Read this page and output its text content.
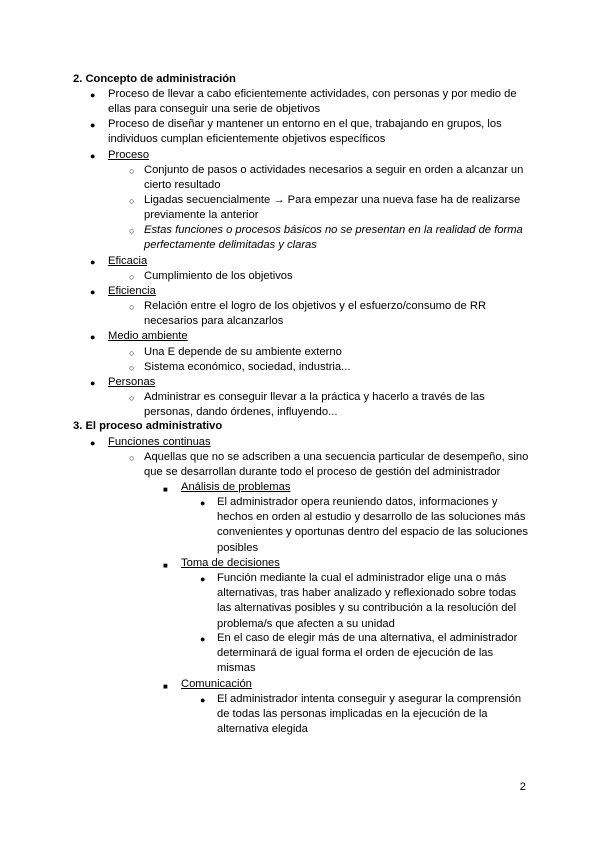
2. Concepto de administración
● Proceso de llevar a cabo eficientemente actividades, con personas y por medio de ellas para conseguir una serie de objetivos

● Proceso de diseñar y mantener un entorno en el que, trabajando en grupos, los individuos cumplan eficientemente objetivos específicos

● Proceso

○ Conjunto de pasos o actividades necesarios a seguir en orden a alcanzar un cierto resultado

○ Ligadas secuencialmente → Para empezar una nueva fase ha de realizarse previamente la anterior

○ Estas funciones o procesos básicos no se presentan en la realidad de forma perfectamente delimitadas y claras

● Eficacia

○ Cumplimiento de los objetivos

● Eficiencia

○ Relación entre el logro de los objetivos y el esfuerzo/consumo de RR necesarios para alcanzarlos

● Medio ambiente

○ Una E depende de su ambiente externo

○ Sistema económico, sociedad, industria...

● Personas

○ Administrar es conseguir llevar a la práctica y hacerlo a través de las personas, dando órdenes, influyendo...

3. El proceso administrativo
● Funciones continuas

○ Aquellas que no se adscriben a una secuencia particular de desempeño, sino que se desarrollan durante todo el proceso de gestión del administrador

■ Análisis de problemas

● El administrador opera reuniendo datos, informaciones y hechos en orden al estudio y desarrollo de las soluciones más convenientes y oportunas dentro del espacio de las soluciones posibles

■ Toma de decisiones

● Función mediante la cual el administrador elige una o más alternativas, tras haber analizado y reflexionado sobre todas las alternativas posibles y su contribución a la resolución del problema/s que afecten a su unidad

● En el caso de elegir más de una alternativa, el administrador determinará de igual forma el orden de ejecución de las mismas

■ Comunicación

● El administrador intenta conseguir y asegurar la comprensión de todas las personas implicadas en la ejecución de la alternativa elegida

2
